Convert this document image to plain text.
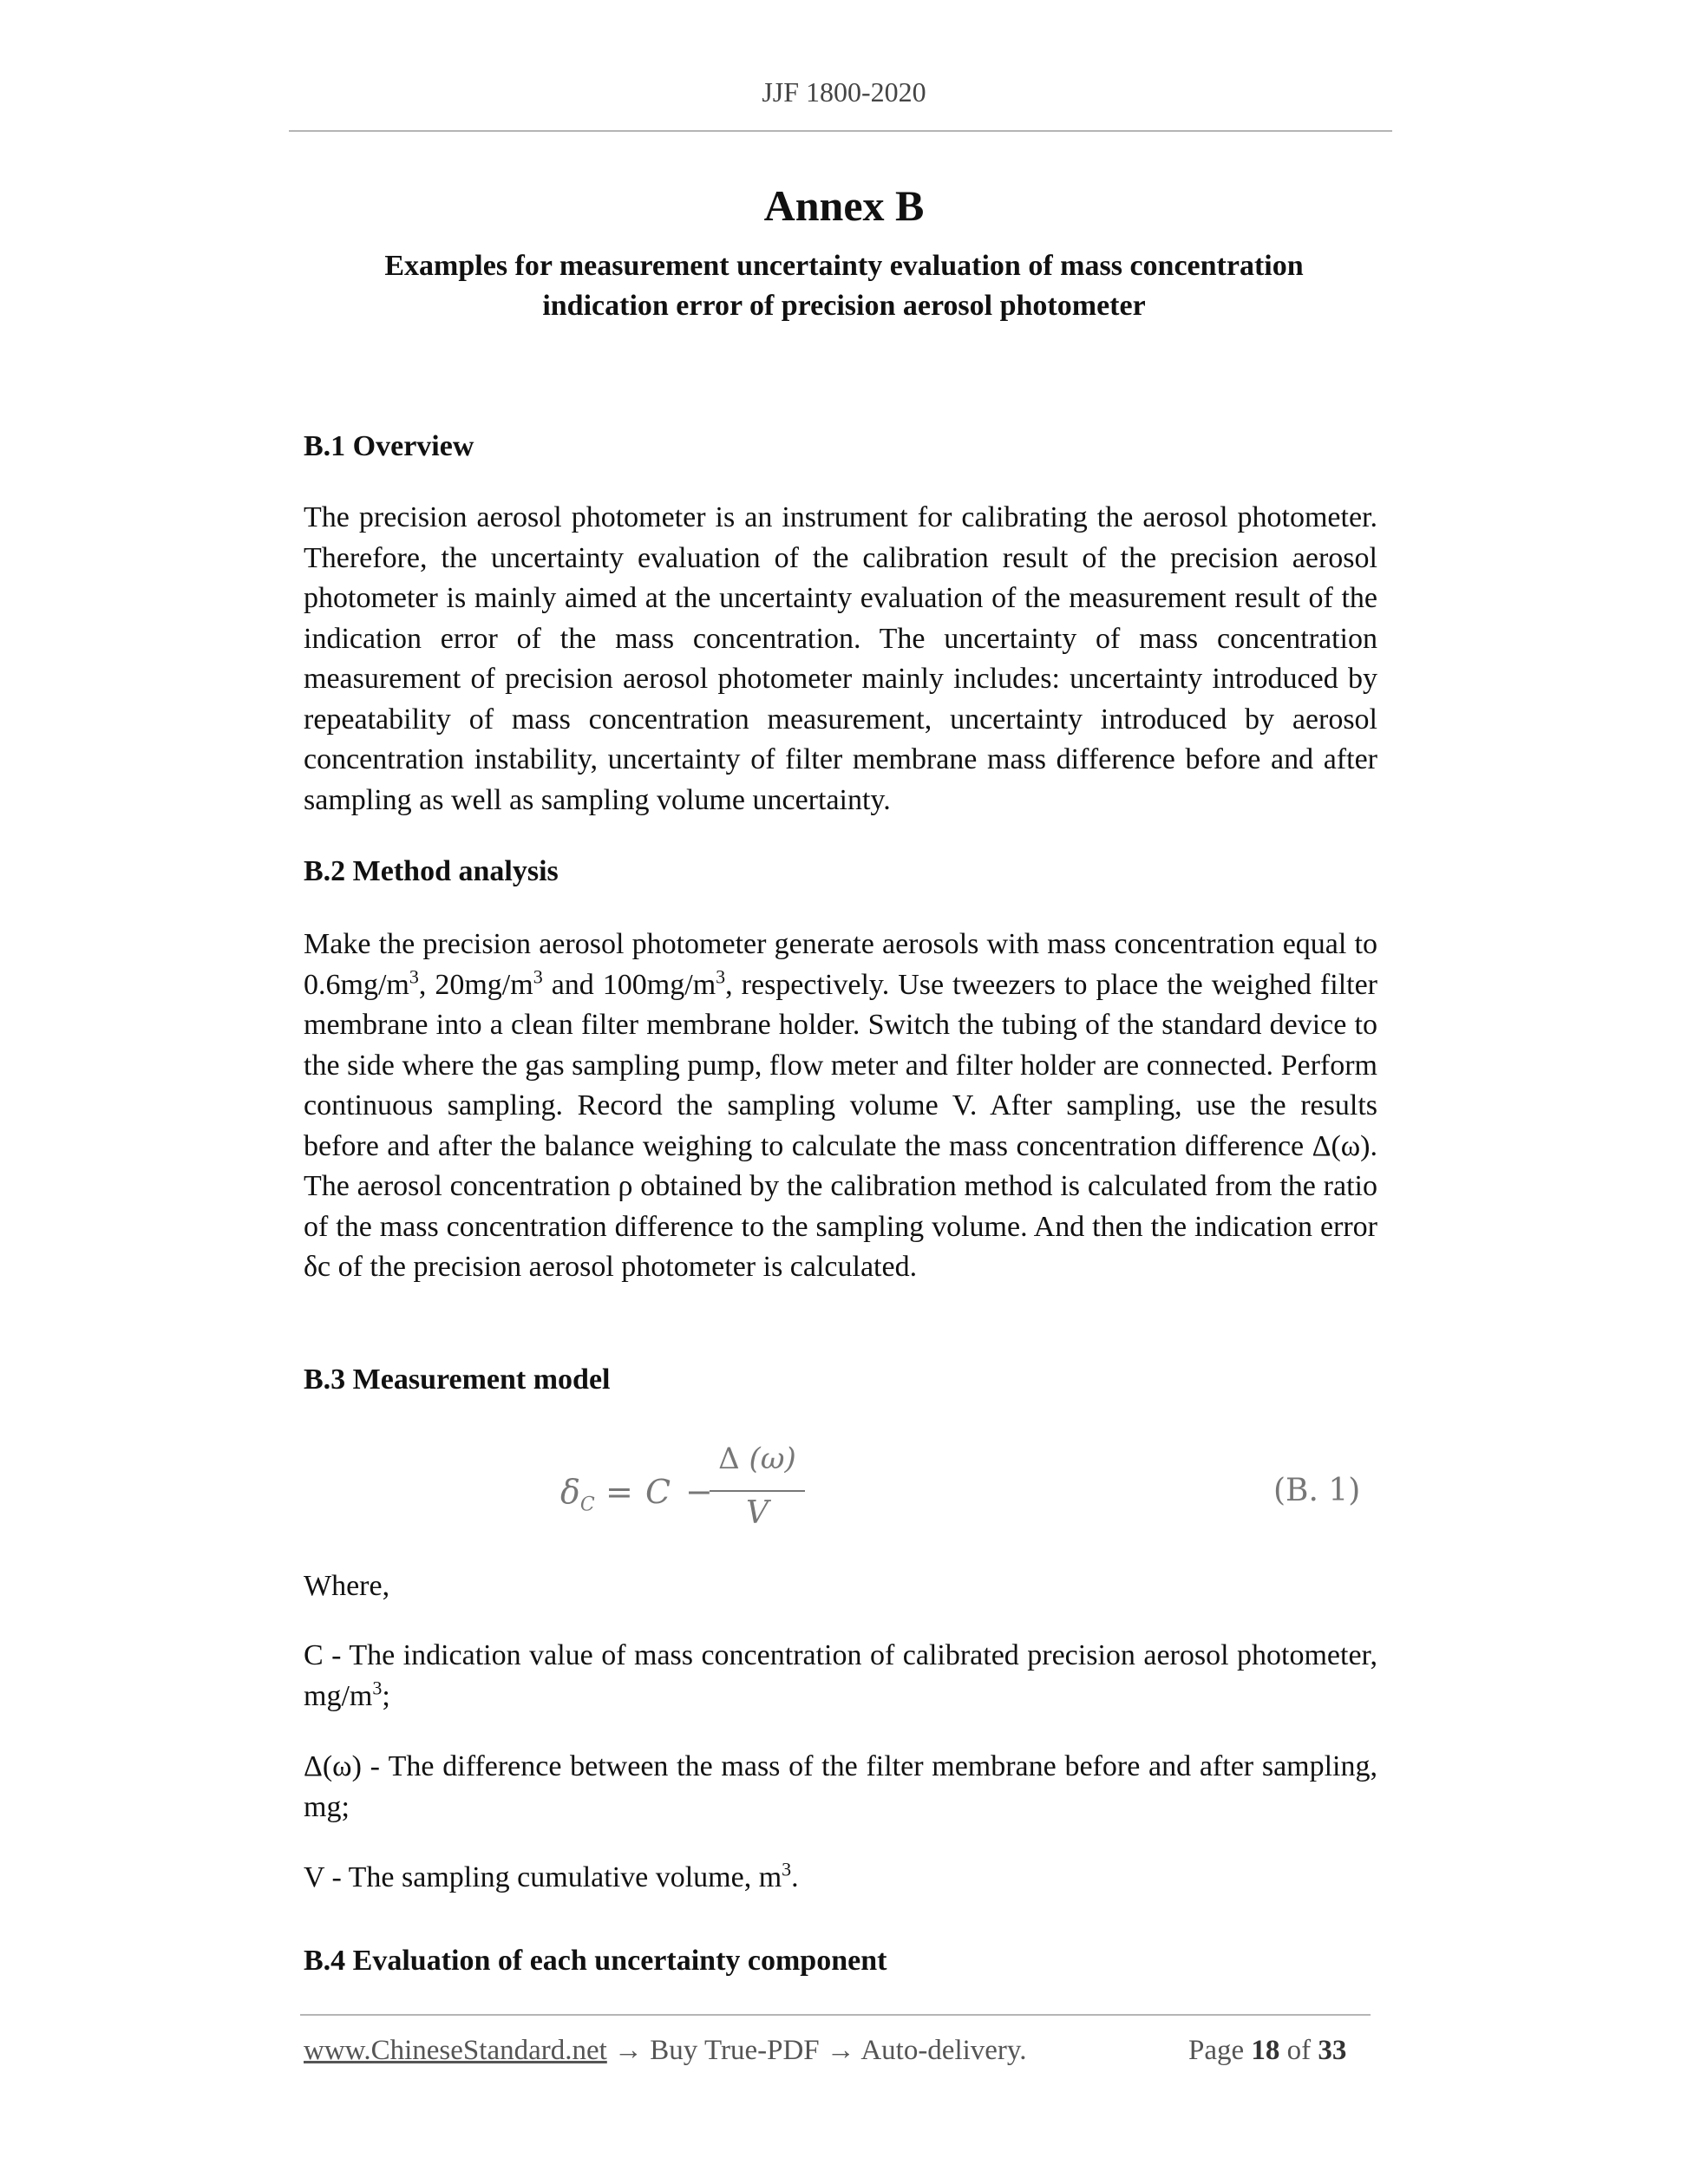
JJF 1800-2020
Annex B
Examples for measurement uncertainty evaluation of mass concentration
indication error of precision aerosol photometer
B.1 Overview
The precision aerosol photometer is an instrument for calibrating the aerosol photometer. Therefore, the uncertainty evaluation of the calibration result of the precision aerosol photometer is mainly aimed at the uncertainty evaluation of the measurement result of the indication error of the mass concentration. The uncertainty of mass concentration measurement of precision aerosol photometer mainly includes: uncertainty introduced by repeatability of mass concentration measurement, uncertainty introduced by aerosol concentration instability, uncertainty of filter membrane mass difference before and after sampling as well as sampling volume uncertainty.
B.2 Method analysis
Make the precision aerosol photometer generate aerosols with mass concentration equal to $0.6mg/m^3$, $20mg/m^3$ and $100mg/m^3$, respectively. Use tweezers to place the weighed filter membrane into a clean filter membrane holder. Switch the tubing of the standard device to the side where the gas sampling pump, flow meter and filter holder are connected. Perform continuous sampling. Record the sampling volume V. After sampling, use the results before and after the balance weighing to calculate the mass concentration difference Δ(ω). The aerosol concentration ρ obtained by the calibration method is calculated from the ratio of the mass concentration difference to the sampling volume. And then the indication error δc of the precision aerosol photometer is calculated.
B.3 Measurement model
$\delta_C = C$ −
Δ (ω)
V
(B. 1)
Where,
C - The indication value of mass concentration of calibrated precision aerosol photometer, $mg/m^3$;
Δ(ω) - The difference between the mass of the filter membrane before and after sampling, mg;
V - The sampling cumulative volume, $m^3$.
B.4 Evaluation of each uncertainty component
www.ChineseStandard.net → Buy True-PDF → Auto-delivery.	Page 18 of 33
